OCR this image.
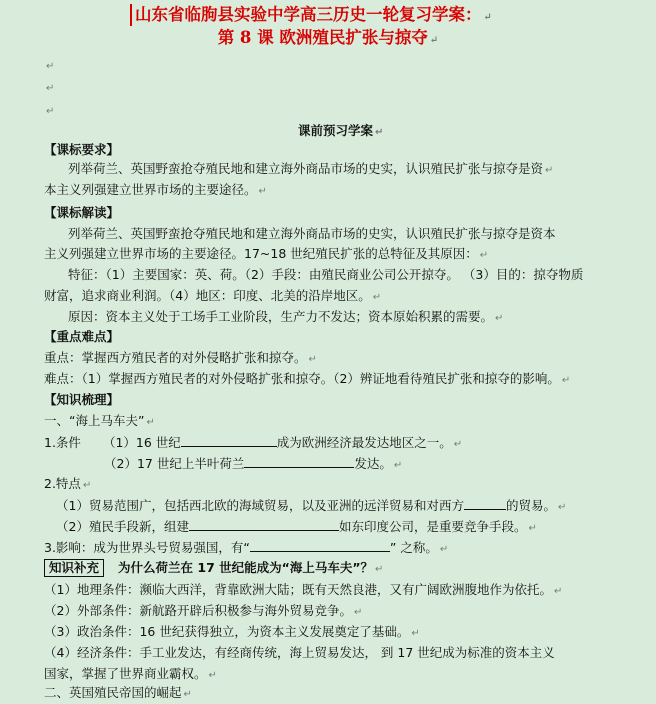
山东省临朐县实验中学高三历史一轮复习学案： ↵
第 8 课 欧洲殖民扩张与掠夺 ↵
↵
↵
↵
课前预习学案 ↵
【课标要求】
列举荷兰、英国野蛮抢夺殖民地和建立海外商品市场的史实，认识殖民扩张与掠夺是资 ↵
本主义列强建立世界市场的主要途径。 ↵
【课标解读】
列举荷兰、英国野蛮抢夺殖民地和建立海外商品市场的史实，认识殖民扩张与掠夺是资本
主义列强建立世界市场的主要途径。17~18 世纪殖民扩张的总特征及其原因： ↵
特征：（1）主要国家：英、荷。（2）手段：由殖民商业公司公开掠夺。 （3）目的：掠夺物质
财富，追求商业利润。（4）地区：印度、北美的沿岸地区。 ↵
原因：资本主义处于工场手工业阶段，生产力不发达；资本原始积累的需要。 ↵
【重点难点】
重点：掌握西方殖民者的对外侵略扩张和掠夺。 ↵
难点：（1）掌握西方殖民者的对外侵略扩张和掠夺。（2）辨证地看待殖民扩张和掠夺的影响。 ↵
【知识梳理】
一、“海上马车夫” ↵
1.条件 （1）16 世纪	成为欧洲经济最发达地区之一。 ↵
（2）17 世纪上半叶荷兰	发达。 ↵
2.特点 ↵
（1）贸易范围广，包括西北欧的海域贸易，以及亚洲的远洋贸易和对西方	的贸易。 ↵
（2）殖民手段新，组建	如东印度公司，是重要竞争手段。 ↵
3.影响：成为世界头号贸易强国，有“	” 之称。 ↵
知识补充 为什么荷兰在 17 世纪能成为“海上马车夫”？ ↵
（1）地理条件：濒临大西洋，背靠欧洲大陆；既有天然良港，又有广阔欧洲腹地作为依托。 ↵
（2）外部条件：新航路开辟后积极参与海外贸易竞争。 ↵
（3）政治条件：16 世纪获得独立，为资本主义发展奠定了基础。 ↵
（4）经济条件：手工业发达，有经商传统，海上贸易发达， 到 17 世纪成为标准的资本主义
国家，掌握了世界商业霸权。 ↵
二、英国殖民帝国的崛起 ↵
